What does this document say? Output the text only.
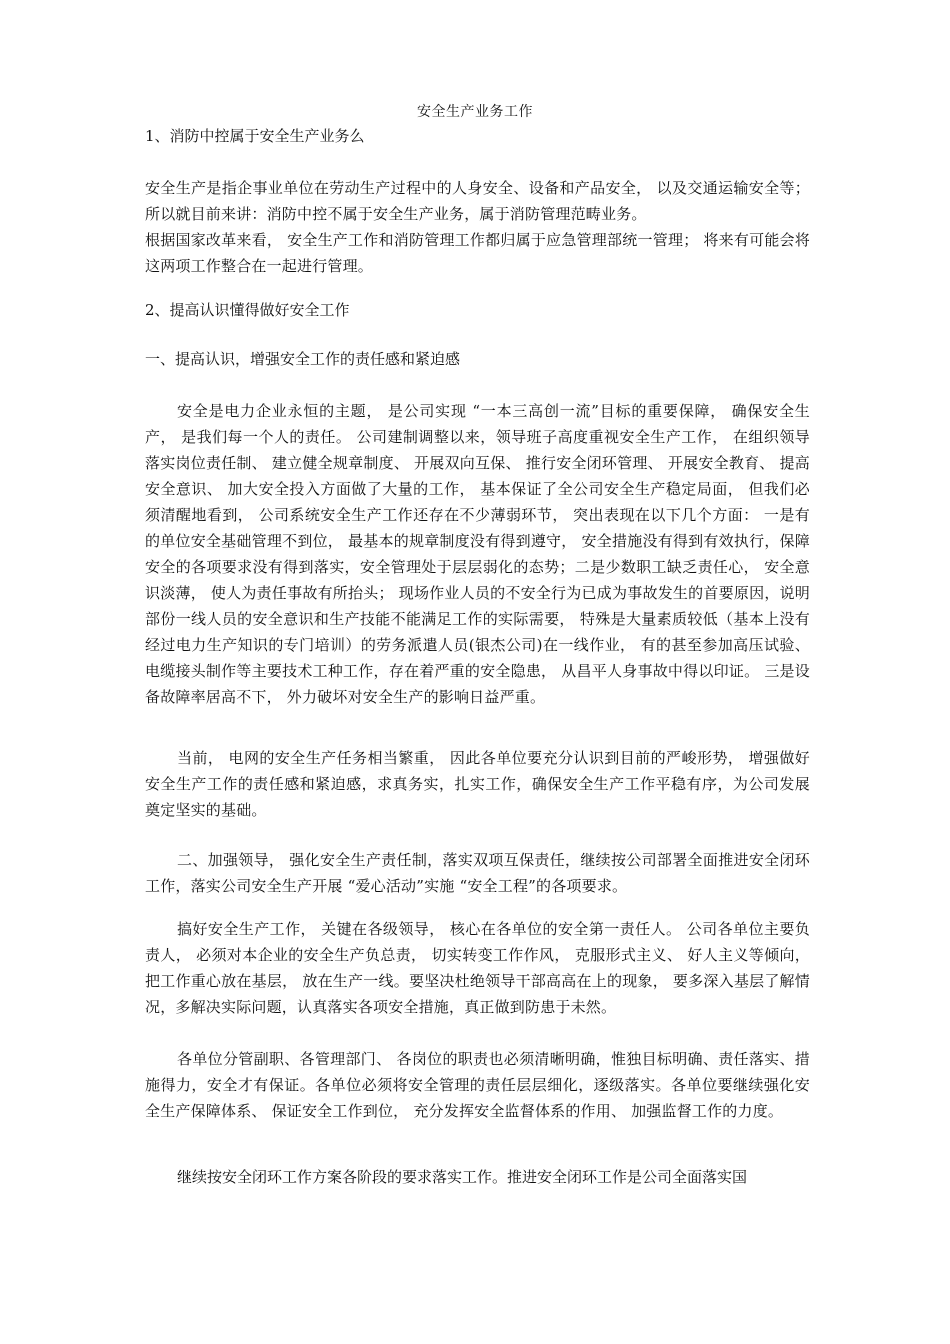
安全生产业务工作
1、消防中控属于安全生产业务么
安全生产是指企事业单位在劳动生产过程中的人身安全、设备和产品安全， 以及交通运输安全等；所以就目前来讲：消防中控不属于安全生产业务，属于消防管理范畴业务。
根据国家改革来看， 安全生产工作和消防管理工作都归属于应急管理部统一管理； 将来有可能会将这两项工作整合在一起进行管理。
2、提高认识懂得做好安全工作
一、提高认识，增强安全工作的责任感和紧迫感
安全是电力企业永恒的主题， 是公司实现 “一本三高创一流”目标的重要保障， 确保安全生产， 是我们每一个人的责任。 公司建制调整以来，领导班子高度重视安全生产工作， 在组织领导落实岗位责任制、 建立健全规章制度、 开展双向互保、 推行安全闭环管理、 开展安全教育、 提高安全意识、 加大安全投入方面做了大量的工作， 基本保证了全公司安全生产稳定局面， 但我们必须清醒地看到， 公司系统安全生产工作还存在不少薄弱环节， 突出表现在以下几个方面： 一是有的单位安全基础管理不到位， 最基本的规章制度没有得到遵守， 安全措施没有得到有效执行，保障安全的各项要求没有得到落实，安全管理处于层层弱化的态势；二是少数职工缺乏责任心， 安全意识淡薄， 使人为责任事故有所抬头； 现场作业人员的不安全行为已成为事故发生的首要原因，说明部份一线人员的安全意识和生产技能不能满足工作的实际需要， 特殊是大量素质较低（基本上没有经过电力生产知识的专门培训）的劳务派遣人员(银杰公司)在一线作业， 有的甚至参加高压试验、 电缆接头制作等主要技术工种工作，存在着严重的安全隐患， 从昌平人身事故中得以印证。 三是设备故障率居高不下， 外力破坏对安全生产的影响日益严重。
当前， 电网的安全生产任务相当繁重， 因此各单位要充分认识到目前的严峻形势， 增强做好安全生产工作的责任感和紧迫感，求真务实，扎实工作，确保安全生产工作平稳有序，为公司发展奠定坚实的基础。
二、加强领导， 强化安全生产责任制，落实双项互保责任，继续按公司部署全面推进安全闭环工作，落实公司安全生产开展 “爱心活动”实施 “安全工程”的各项要求。
搞好安全生产工作， 关键在各级领导， 核心在各单位的安全第一责任人。 公司各单位主要负责人， 必须对本企业的安全生产负总责， 切实转变工作作风， 克服形式主义、 好人主义等倾向，把工作重心放在基层， 放在生产一线。要坚决杜绝领导干部高高在上的现象， 要多深入基层了解情况，多解决实际问题，认真落实各项安全措施，真正做到防患于未然。
各单位分管副职、各管理部门、 各岗位的职责也必须清晰明确，惟独目标明确、责任落实、措施得力，安全才有保证。各单位必须将安全管理的责任层层细化，逐级落实。各单位要继续强化安全生产保障体系、 保证安全工作到位， 充分发挥安全监督体系的作用、 加强监督工作的力度。
继续按安全闭环工作方案各阶段的要求落实工作。推进安全闭环工作是公司全面落实国
